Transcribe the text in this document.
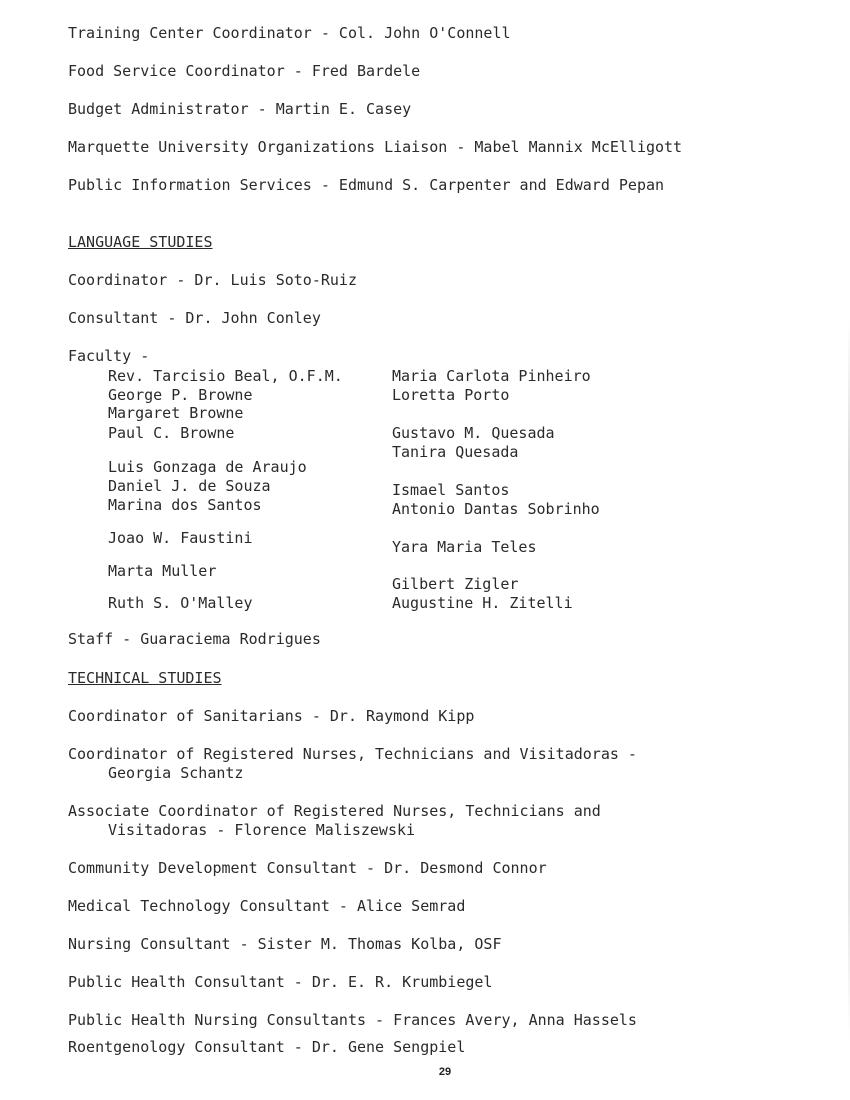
Training Center Coordinator - Col. John O'Connell
Food Service Coordinator - Fred Bardele
Budget Administrator - Martin E. Casey
Marquette University Organizations Liaison - Mabel Mannix McElligott
Public Information Services - Edmund S. Carpenter and Edward Pepan
LANGUAGE STUDIES
Coordinator - Dr. Luis Soto-Ruiz
Consultant - Dr. John Conley
Faculty -
Rev. Tarcisio Beal, O.F.M.
George P. Browne
Margaret Browne
Paul C. Browne
Luis Gonzaga de Araujo
Daniel J. de Souza
Marina dos Santos
Joao W. Faustini
Marta Muller
Ruth S. O'Malley
Maria Carlota Pinheiro
Loretta Porto
Gustavo M. Quesada
Tanira Quesada
Ismael Santos
Antonio Dantas Sobrinho
Yara Maria Teles
Gilbert Zigler
Augustine H. Zitelli
Staff - Guaraciema Rodrigues
TECHNICAL STUDIES
Coordinator of Sanitarians - Dr. Raymond Kipp
Coordinator of Registered Nurses, Technicians and Visitadoras -
Georgia Schantz
Associate Coordinator of Registered Nurses, Technicians and
Visitadoras - Florence Maliszewski
Community Development Consultant - Dr. Desmond Connor
Medical Technology Consultant - Alice Semrad
Nursing Consultant - Sister M. Thomas Kolba, OSF
Public Health Consultant - Dr. E. R. Krumbiegel
Public Health Nursing Consultants - Frances Avery, Anna Hassels
Roentgenology Consultant - Dr. Gene Sengpiel
29
